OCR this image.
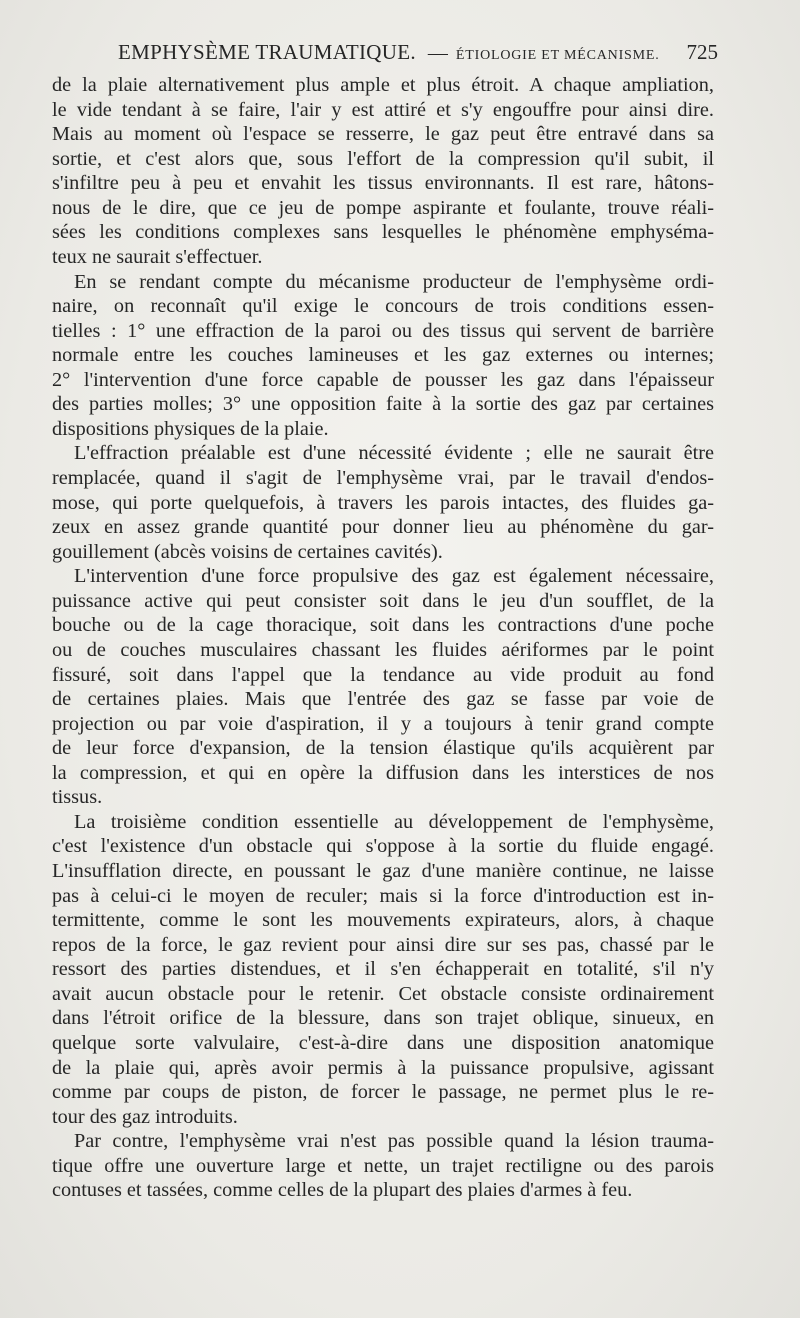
EMPHYSÈME TRAUMATIQUE. — ÉTIOLOGIE ET MÉCANISME. 725
de la plaie alternativement plus ample et plus étroit. A chaque ampliation,
le vide tendant à se faire, l'air y est attiré et s'y engouffre pour ainsi dire.
Mais au moment où l'espace se resserre, le gaz peut être entravé dans sa
sortie, et c'est alors que, sous l'effort de la compression qu'il subit, il
s'infiltre peu à peu et envahit les tissus environnants. Il est rare, hâtons-
nous de le dire, que ce jeu de pompe aspirante et foulante, trouve réali-
sées les conditions complexes sans lesquelles le phénomène emphyséma-
teux ne saurait s'effectuer.
En se rendant compte du mécanisme producteur de l'emphysème ordi-
naire, on reconnaît qu'il exige le concours de trois conditions essen-
tielles : 1° une effraction de la paroi ou des tissus qui servent de barrière
normale entre les couches lamineuses et les gaz externes ou internes;
2° l'intervention d'une force capable de pousser les gaz dans l'épaisseur
des parties molles; 3° une opposition faite à la sortie des gaz par certaines
dispositions physiques de la plaie.
L'effraction préalable est d'une nécessité évidente ; elle ne saurait être
remplacée, quand il s'agit de l'emphysème vrai, par le travail d'endos-
mose, qui porte quelquefois, à travers les parois intactes, des fluides ga-
zeux en assez grande quantité pour donner lieu au phénomène du gar-
gouillement (abcès voisins de certaines cavités).
L'intervention d'une force propulsive des gaz est également nécessaire,
puissance active qui peut consister soit dans le jeu d'un soufflet, de la
bouche ou de la cage thoracique, soit dans les contractions d'une poche
ou de couches musculaires chassant les fluides aériformes par le point
fissuré, soit dans l'appel que la tendance au vide produit au fond
de certaines plaies. Mais que l'entrée des gaz se fasse par voie de
projection ou par voie d'aspiration, il y a toujours à tenir grand compte
de leur force d'expansion, de la tension élastique qu'ils acquièrent par
la compression, et qui en opère la diffusion dans les interstices de nos
tissus.
La troisième condition essentielle au développement de l'emphysème,
c'est l'existence d'un obstacle qui s'oppose à la sortie du fluide engagé.
L'insufflation directe, en poussant le gaz d'une manière continue, ne laisse
pas à celui-ci le moyen de reculer; mais si la force d'introduction est in-
termittente, comme le sont les mouvements expirateurs, alors, à chaque
repos de la force, le gaz revient pour ainsi dire sur ses pas, chassé par le
ressort des parties distendues, et il s'en échapperait en totalité, s'il n'y
avait aucun obstacle pour le retenir. Cet obstacle consiste ordinairement
dans l'étroit orifice de la blessure, dans son trajet oblique, sinueux, en
quelque sorte valvulaire, c'est-à-dire dans une disposition anatomique
de la plaie qui, après avoir permis à la puissance propulsive, agissant
comme par coups de piston, de forcer le passage, ne permet plus le re-
tour des gaz introduits.
Par contre, l'emphysème vrai n'est pas possible quand la lésion trauma-
tique offre une ouverture large et nette, un trajet rectiligne ou des parois
contuses et tassées, comme celles de la plupart des plaies d'armes à feu.
